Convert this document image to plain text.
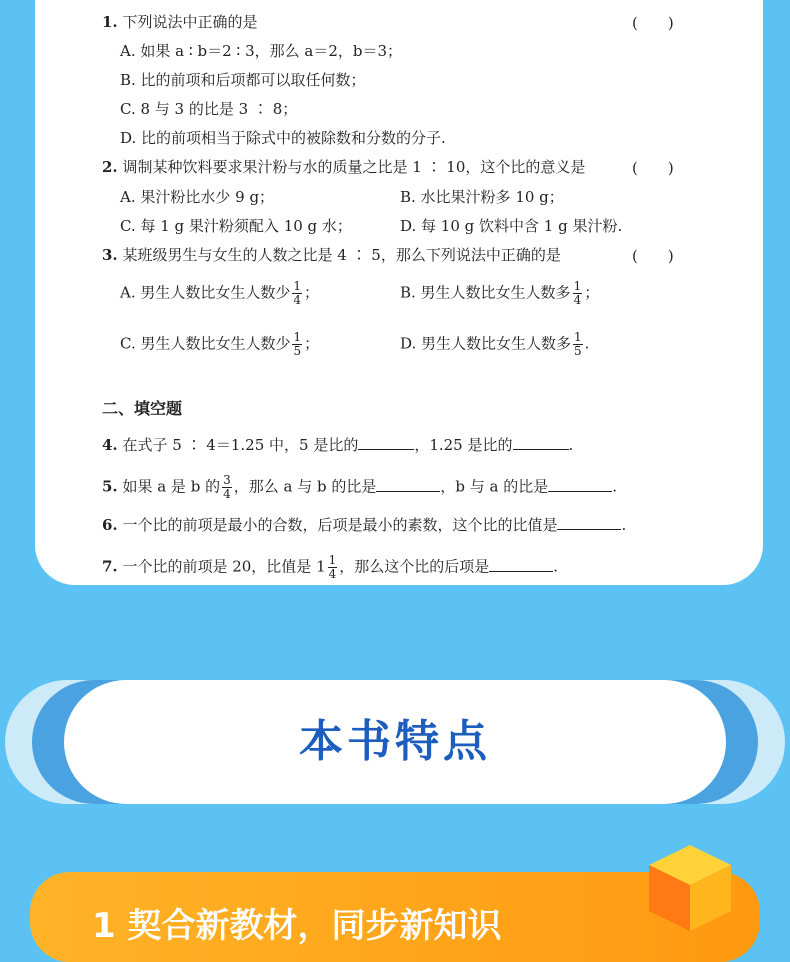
1. 下列说法中正确的是	(　　)
A. 如果 a ∶ b＝2 ∶ 3，那么 a＝2，b＝3；
B. 比的前项和后项都可以取任何数；
C. 8 与 3 的比是 3 ∶ 8；
D. 比的前项相当于除式中的被除数和分数的分子.
2. 调制某种饮料要求果汁粉与水的质量之比是 1 ∶ 10，这个比的意义是	(　　)
A. 果汁粉比水少 9 g；	B. 水比果汁粉多 10 g；
C. 每 1 g 果汁粉须配入 10 g 水；	D. 每 10 g 饮料中含 1 g 果汁粉.
3. 某班级男生与女生的人数之比是 4 ∶ 5，那么下列说法中正确的是	(　　)
A. 男生人数比女生人数少 $\frac{1}{4}$ ；	B. 男生人数比女生人数多 $\frac{1}{4}$ ；
C. 男生人数比女生人数少 $\frac{1}{5}$ ；	D. 男生人数比女生人数多 $\frac{1}{5}$ .
二、填空题
4. 在式子 5 ∶ 4＝1.25 中，5 是比的	，1.25 是比的	.
5. 如果 a 是 b 的 $\frac{3}{4}$ ，那么 a 与 b 的比是	，b 与 a 的比是	.
6. 一个比的前项是最小的合数，后项是最小的素数，这个比的比值是	.
7. 一个比的前项是 20，比值是 $1 \frac{1}{4}$ ，那么这个比的后项是	.
本书特点
1 契合新教材，同步新知识
